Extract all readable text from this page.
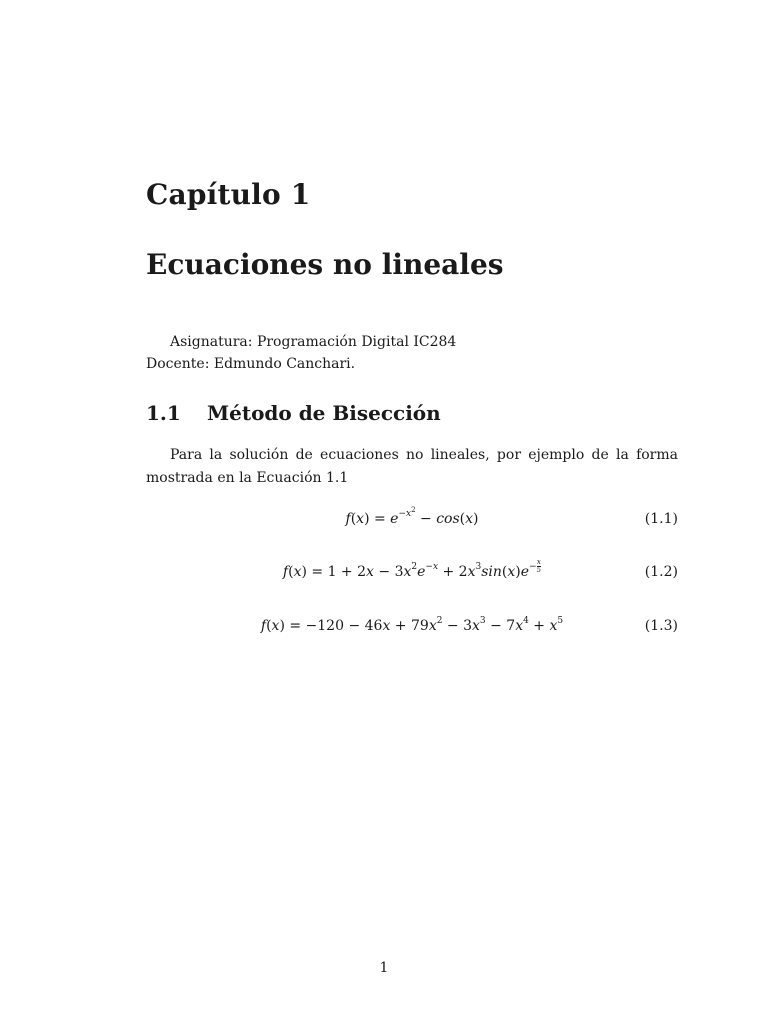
Capítulo 1
Ecuaciones no lineales
Asignatura: Programación Digital IC284
Docente: Edmundo Canchari.
1.1 Método de Bisección
Para la solución de ecuaciones no lineales, por ejemplo de la forma mostrada en la Ecuación 1.1
$f(x) = e^{-x^2} - \cos(x)$	(1.1)
$f(x) = 1 + 2x - 3x^2e^{-x} + 2x^3\sin(x)e^{- \frac{x}{5}}$	(1.2)
$f(x) = -120 - 46x + 79x^2 - 3x^3 - 7x^4 + x^5$	(1.3)
1
